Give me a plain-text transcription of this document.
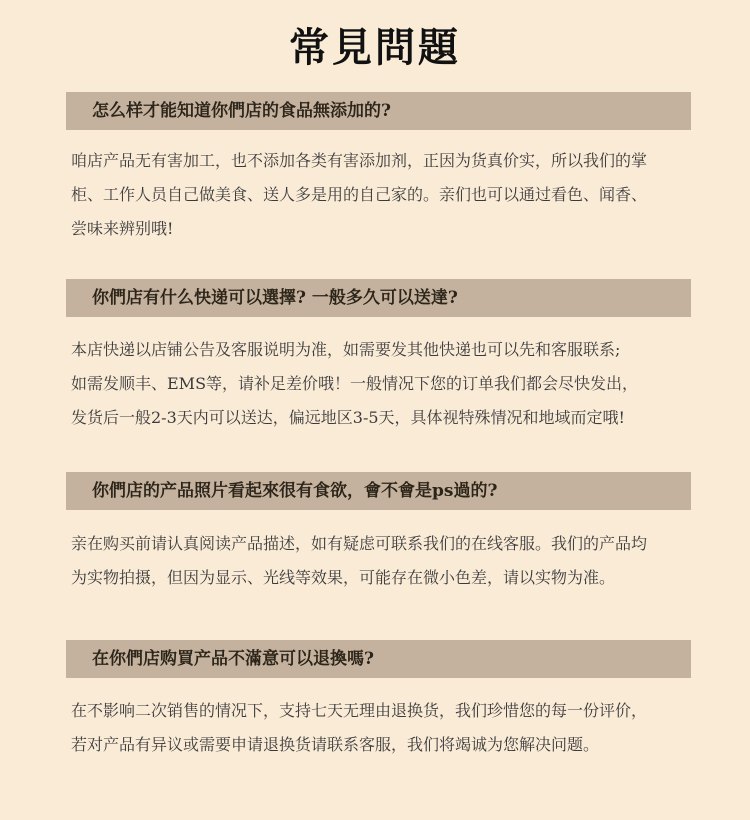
常見問題
怎么样才能知道你們店的食品無添加的?
咱店产品无有害加工，也不添加各类有害添加剂，正因为货真价实，所以我们的掌
柜、工作人员自己做美食、送人多是用的自己家的。亲们也可以通过看色、闻香、
尝味来辨别哦!
你們店有什么快递可以選擇? 一般多久可以送達?
本店快递以店铺公告及客服说明为准，如需要发其他快递也可以先和客服联系;
如需发顺丰、EMS等，请补足差价哦！一般情况下您的订单我们都会尽快发出，
发货后一般2-3天内可以送达，偏远地区3-5天，具体视特殊情况和地域而定哦!
你們店的产品照片看起來很有食欲，會不會是ps過的?
亲在购买前请认真阅读产品描述，如有疑虑可联系我们的在线客服。我们的产品均
为实物拍摄，但因为显示、光线等效果，可能存在微小色差，请以实物为准。
在你們店购買产品不滿意可以退換嗎?
在不影响二次销售的情况下，支持七天无理由退换货，我们珍惜您的每一份评价，
若对产品有异议或需要申请退换货请联系客服，我们将竭诚为您解决问题。
